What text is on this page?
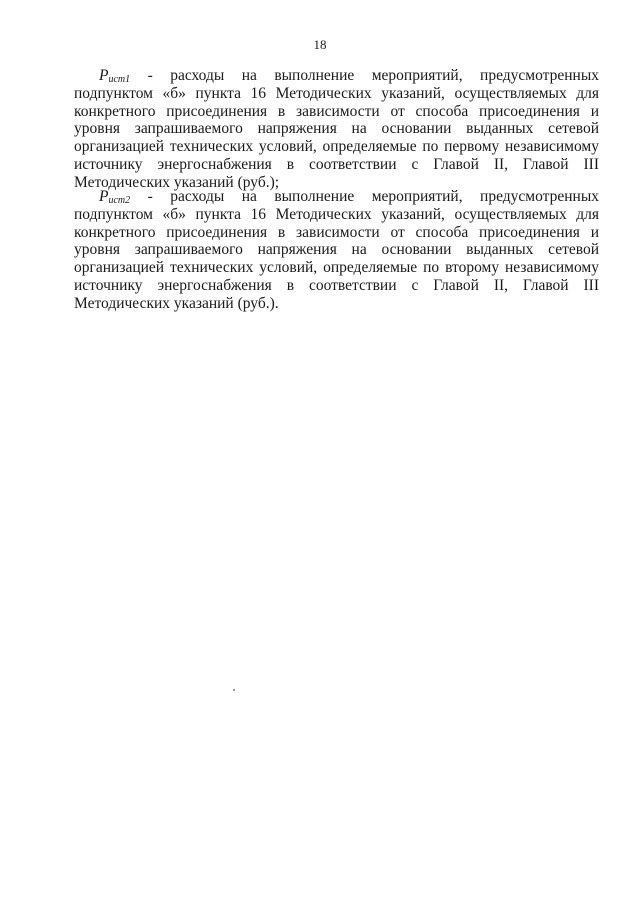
18

$P_{ucm1}$ - расходы на выполнение мероприятий, предусмотренных подпунктом «б» пункта 16 Методических указаний, осуществляемых для конкретного присоединения в зависимости от способа присоединения и уровня запрашиваемого напряжения на основании выданных сетевой организацией технических условий, определяемые по первому независимому источнику энергоснабжения в соответствии с Главой II, Главой III Методических указаний (руб.);

$P_{ucm2}$ - расходы на выполнение мероприятий, предусмотренных подпунктом «б» пункта 16 Методических указаний, осуществляемых для конкретного присоединения в зависимости от способа присоединения и уровня запрашиваемого напряжения на основании выданных сетевой организацией технических условий, определяемые по второму независимому источнику энергоснабжения в соответствии с Главой II, Главой III Методических указаний (руб.).
